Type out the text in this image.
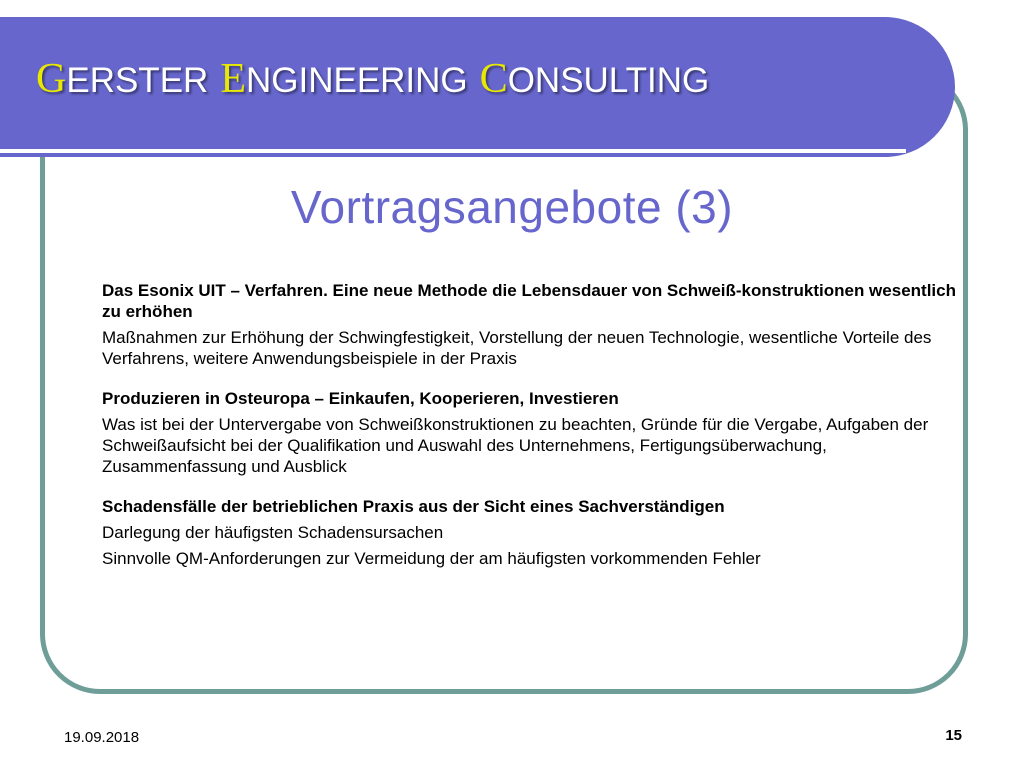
GERSTER ENGINEERING CONSULTING
Vortragsangebote (3)

Das Esonix UIT – Verfahren. Eine neue Methode die Lebensdauer von Schweiß-konstruktionen wesentlich zu erhöhen

Maßnahmen zur Erhöhung der Schwingfestigkeit, Vorstellung der neuen Technologie, wesentliche Vorteile des Verfahrens, weitere Anwendungsbeispiele in der Praxis

Produzieren in Osteuropa – Einkaufen, Kooperieren, Investieren

Was ist bei der Untervergabe von Schweißkonstruktionen zu beachten, Gründe für die Vergabe, Aufgaben der Schweißaufsicht bei der Qualifikation und Auswahl des Unternehmens, Fertigungsüberwachung, Zusammenfassung und Ausblick

Schadensfälle der betrieblichen Praxis aus der Sicht eines Sachverständigen

Darlegung der häufigsten Schadensursachen

Sinnvolle QM-Anforderungen zur Vermeidung der am häufigsten vorkommenden Fehler

19.09.2018	15
